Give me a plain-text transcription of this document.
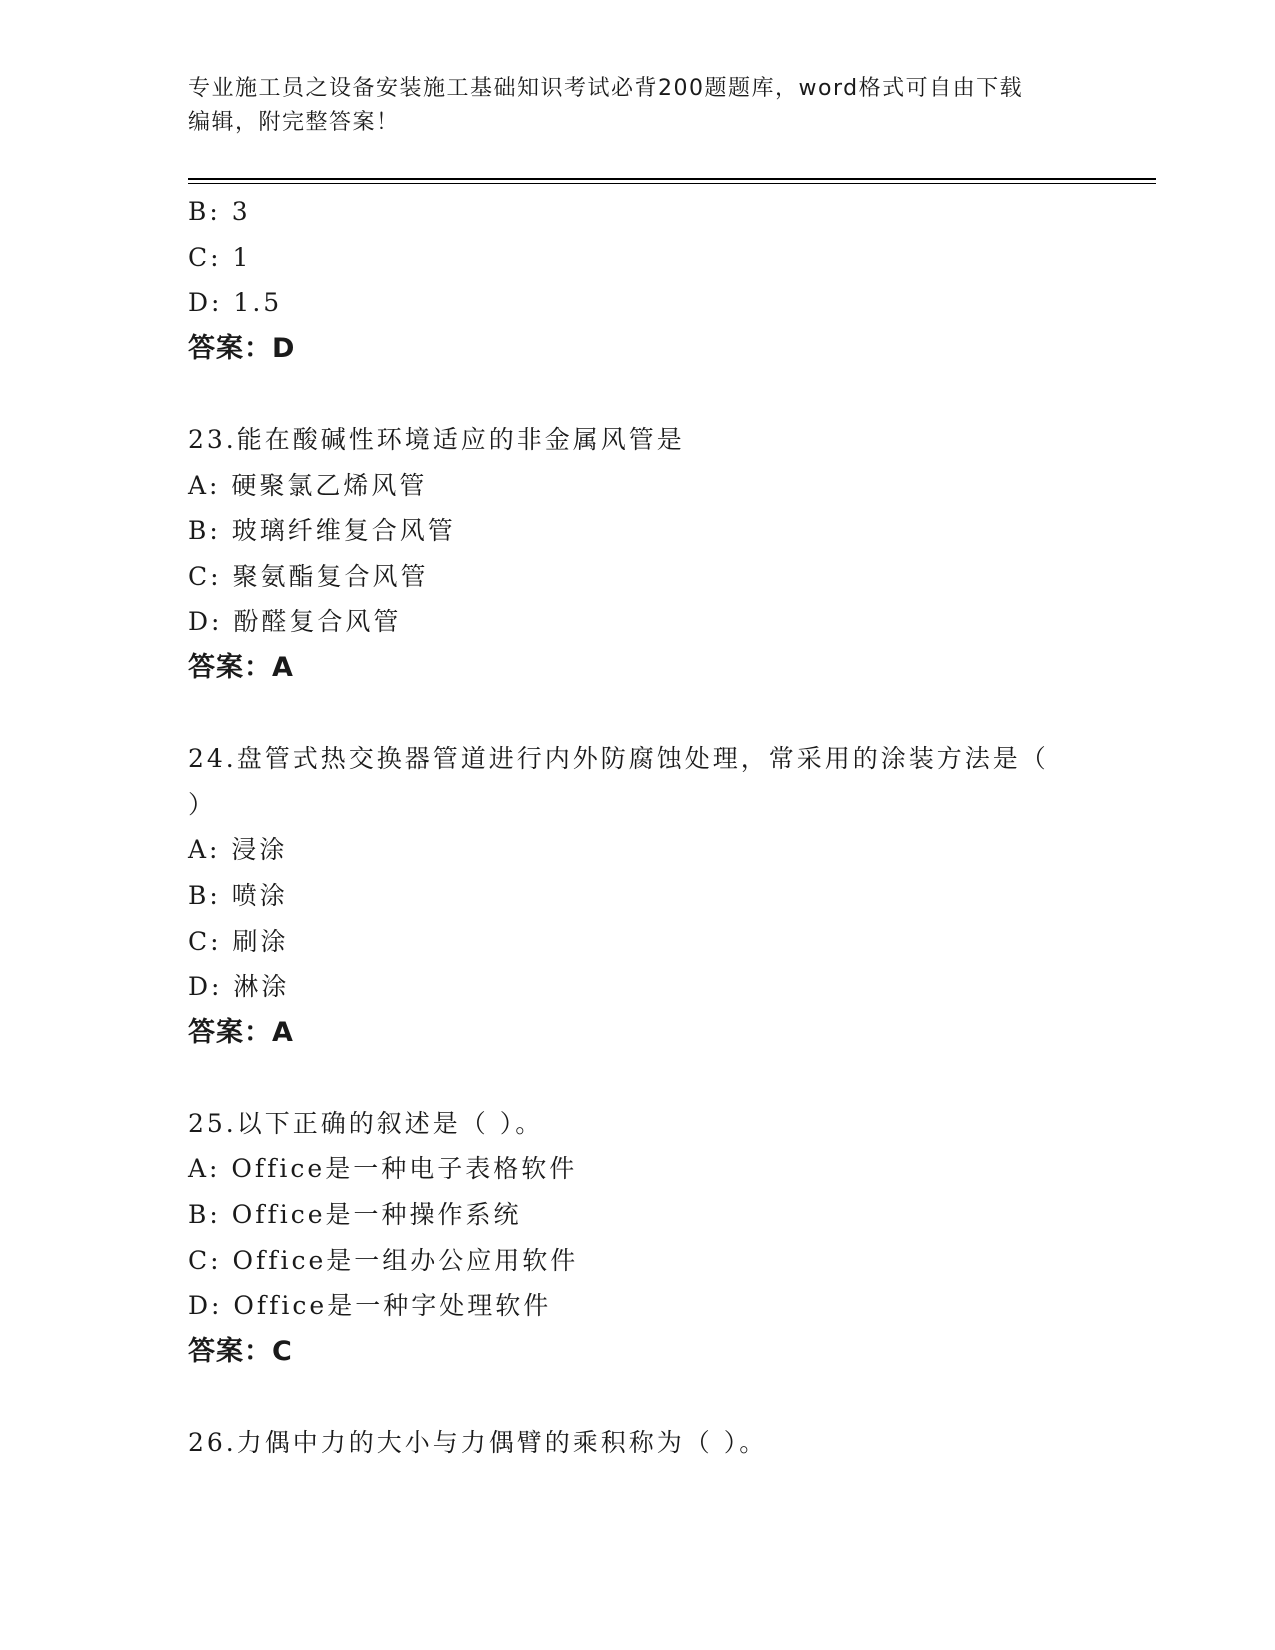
专业施工员之设备安装施工基础知识考试必背200题题库，word格式可自由下载
编辑，附完整答案！
B: 3
C: 1
D: 1.5
答案：D
23.能在酸碱性环境适应的非金属风管是
A: 硬聚氯乙烯风管
B: 玻璃纤维复合风管
C: 聚氨酯复合风管
D: 酚醛复合风管
答案：A
24.盘管式热交换器管道进行内外防腐蚀处理，常采用的涂装方法是（
）
A: 浸涂
B: 喷涂
C: 刷涂
D: 淋涂
答案：A
25.以下正确的叙述是（ ）。
A: Office是一种电子表格软件
B: Office是一种操作系统
C: Office是一组办公应用软件
D: Office是一种字处理软件
答案：C
26.力偶中力的大小与力偶臂的乘积称为（ ）。
